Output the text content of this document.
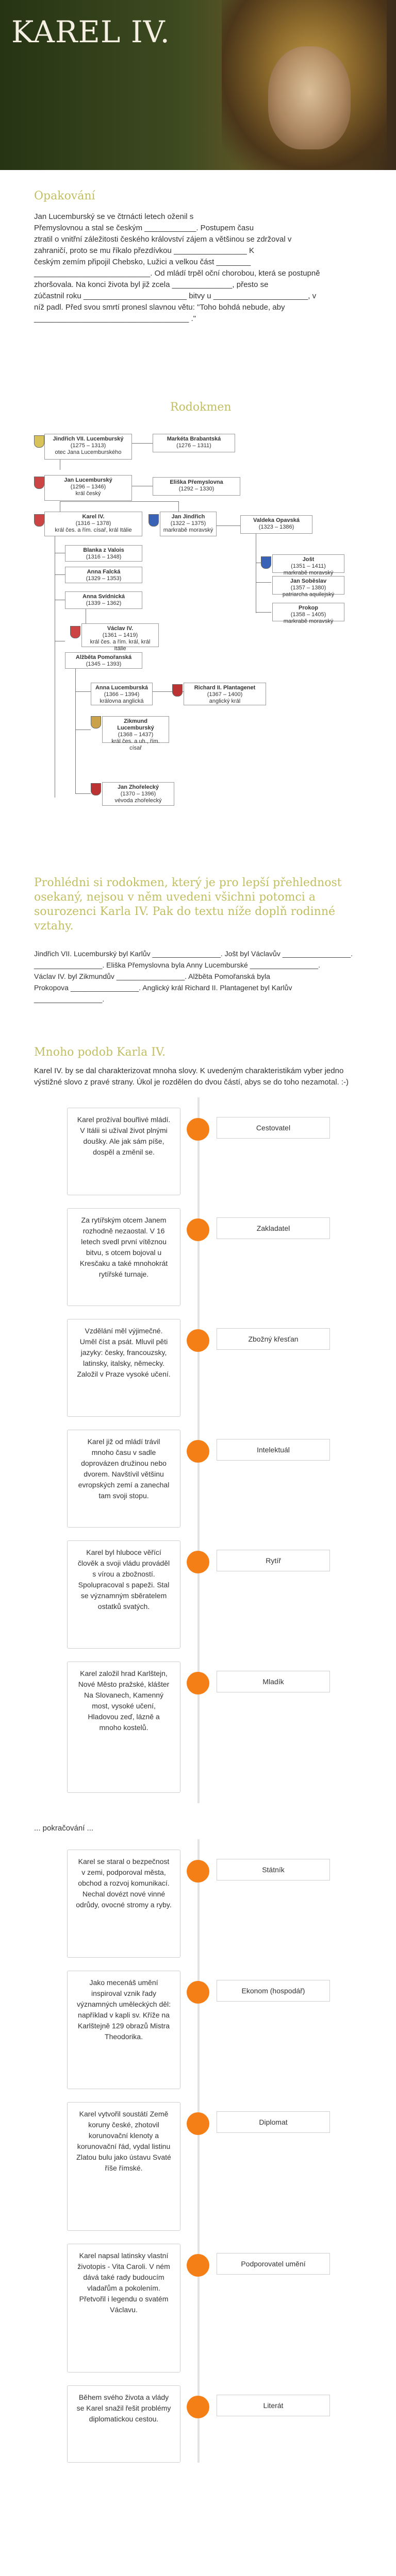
KAREL IV.
Opakování
Jan Lucemburský se ve čtrnácti letech oženil s
Přemyslovnou a stal se českým ____________. Postupem času
ztratil o vnitřní záležitosti českého království zájem a většinou se zdržoval v
zahraničí, proto se mu říkalo přezdívkou _________________ K
českým zemím připojil Chebsko, Lužici a velkou část ________
___________________________. Od mládí trpěl oční chorobou, která se postupně
zhoršovala. Na konci života byl již zcela ______________, přesto se
zúčastnil roku ________________________ bitvy u ______________________, v
níž padl. Před svou smrtí pronesl slavnou větu: "Toho bohdá nebude, aby
____________________________________ ."
Rodokmen
Jindřich VII. Lucemburský
(1275 – 1313)
otec Jana Lucemburského
Markéta Brabantská
(1276 – 1311)
Jan Lucemburský
(1296 – 1346)
král český
Eliška Přemyslovna
(1292 – 1330)
Karel IV.
(1316 – 1378)
král čes. a řím. císař, král Itálie
Jan Jindřich
(1322 – 1375)
markrabě moravský
Valdeka Opavská
(1323 – 1386)
Blanka z Valois
(1316 – 1348)
Anna Falcká
(1329 – 1353)
Anna Svídnická
(1339 – 1362)
Václav IV.
(1361 – 1419)
král čes. a řím. král, král Itálie
Alžběta Pomořanská
(1345 – 1393)
Anna Lucemburská
(1366 – 1394)
královna anglická
Richard II. Plantagenet
(1367 – 1400)
anglický král
Zikmund Lucemburský
(1368 – 1437)
král čes. a uh., řím. císař
Jan Zhořelecký
(1370 – 1396)
vévoda zhořelecký
Jošt
(1351 – 1411)
markrabě moravský
Jan Soběslav
(1357 – 1380)
patriarcha aquilejský
Prokop
(1358 – 1405)
markrabě moravský
Prohlédni si rodokmen, který je pro lepší přehlednost osekaný, nejsou v něm uvedeni všichni potomci a sourozenci Karla IV. Pak do textu níže doplň rodinné vztahy.
Jindřich VII. Lucemburský byl Karlův _________________. Jošt byl Václavův _________________.
_________________. Eliška Přemyslovna byla Anny Lucemburské _________________.
Václav IV. byl Zikmundův _________________. Alžběta Pomořanská byla
Prokopova _________________. Anglický král Richard II. Plantagenet byl Karlův _________________.
Mnoho podob Karla IV.
Karel IV. by se dal charakterizovat mnoha slovy. K uvedeným charakteristikám vyber jedno výstižné slovo z pravé strany. Úkol je rozdělen do dvou částí, abys se do toho nezamotal. :-)
Karel prožíval bouřlivé mládí. V Itálii si užíval život plnými doušky. Ale jak sám píše, dospěl a změnil se.
Cestovatel
Za rytířským otcem Janem rozhodně nezaostal. V 16 letech svedl první vítěznou bitvu, s otcem bojoval u Kresčaku a také mnohokrát rytířské turnaje.
Zakladatel
Vzdělání měl výjimečné. Uměl číst a psát. Mluvil pěti jazyky: česky, francouzsky, latinsky, italsky, německy. Založil v Praze vysoké učení.
Zbožný křesťan
Karel již od mládí trávil mnoho času v sadle doprovázen družinou nebo dvorem. Navštívil většinu evropských zemí a zanechal tam svoji stopu.
Intelektuál
Karel byl hluboce věřící člověk a svoji vládu prováděl s vírou a zbožností. Spolupracoval s papeži. Stal se významným sběratelem ostatků svatých.
Rytíř
Karel založil hrad Karlštejn, Nové Město pražské, klášter Na Slovanech, Kamenný most, vysoké učení, Hladovou zeď, lázně a mnoho kostelů.
Mladík
... pokračování ...
Karel se staral o bezpečnost v zemi, podporoval města, obchod a rozvoj komunikací. Nechal dovézt nové vinné odrůdy, ovocné stromy a ryby.
Státník
Jako mecenáš umění inspiroval vznik řady významných uměleckých děl: například v kapli sv. Kříže na Karlštejně 129 obrazů Mistra Theodorika.
Ekonom (hospodář)
Karel vytvořil soustátí Země koruny české, zhotovil korunovační klenoty a korunovační řád, vydal listinu Zlatou bulu jako ústavu Svaté říše římské.
Diplomat
Karel napsal latinsky vlastní životopis - Vita Caroli. V ném dává také rady budoucím vladařům a pokolením. Přetvořil i legendu o svatém Václavu.
Podporovatel umění
Během svého života a vlády se Karel snažil řešit problémy diplomatickou cestou.
Literát
